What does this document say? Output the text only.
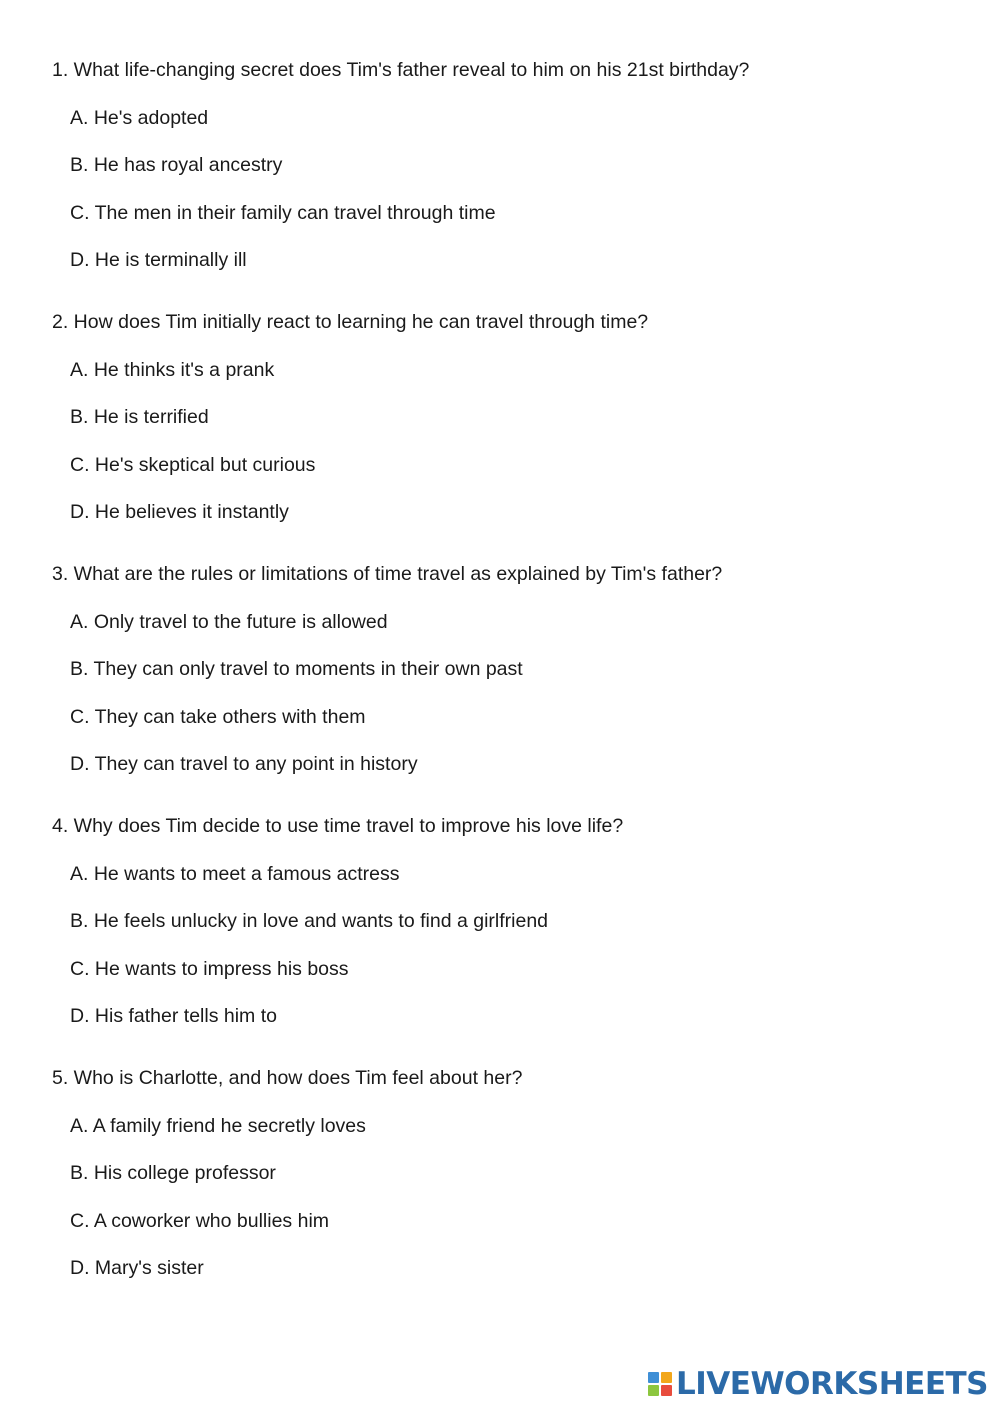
1. What life-changing secret does Tim's father reveal to him on his 21st birthday?
A. He's adopted
B. He has royal ancestry
C. The men in their family can travel through time
D. He is terminally ill
2. How does Tim initially react to learning he can travel through time?
A. He thinks it's a prank
B. He is terrified
C. He's skeptical but curious
D. He believes it instantly
3. What are the rules or limitations of time travel as explained by Tim's father?
A. Only travel to the future is allowed
B. They can only travel to moments in their own past
C. They can take others with them
D. They can travel to any point in history
4. Why does Tim decide to use time travel to improve his love life?
A. He wants to meet a famous actress
B. He feels unlucky in love and wants to find a girlfriend
C. He wants to impress his boss
D. His father tells him to
5. Who is Charlotte, and how does Tim feel about her?
A. A family friend he secretly loves
B. His college professor
C. A coworker who bullies him
D. Mary's sister
LIVEWORKSHEETS
